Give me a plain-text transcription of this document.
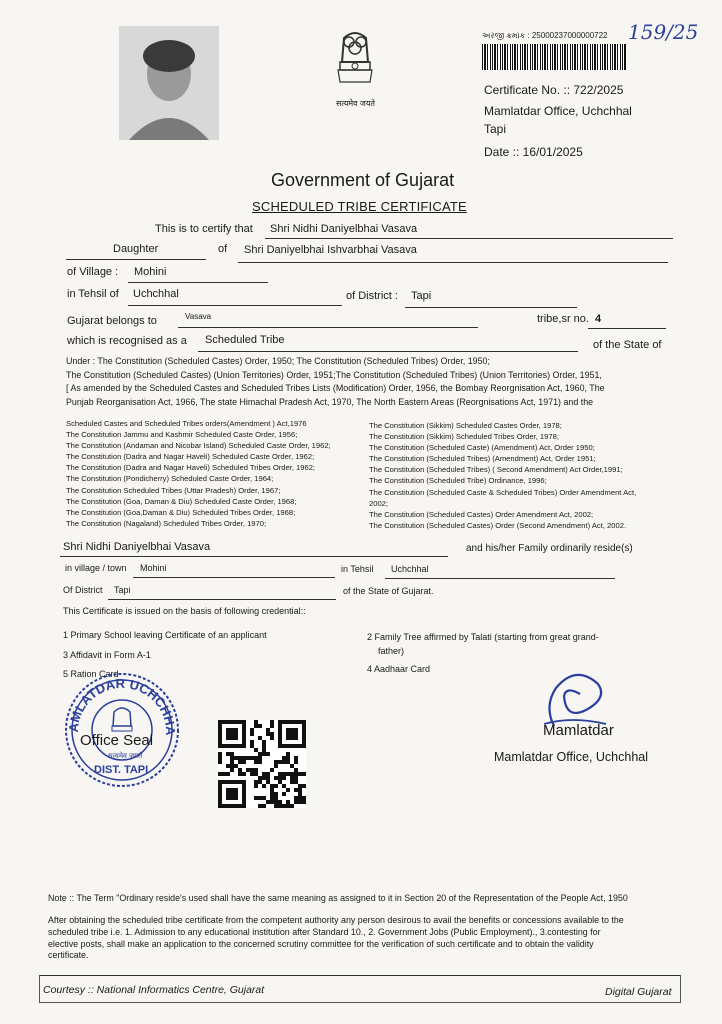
सत्यमेव जयते
અરજી ક્રમાંક : 25000237000000722 159/25
Certificate No. :: 722/2025
Mamlatdar Office, Uchchhal
Tapi
Date :: 16/01/2025
Government of Gujarat
SCHEDULED TRIBE CERTIFICATE
This is to certify that Shri Nidhi Daniyelbhai Vasava
Daughter	of Shri Daniyelbhai Ishvarbhai Vasava
of Village : Mohini
in Tehsil of Uchchhal	of District : Tapi
Gujarat belongs to	Vasava	tribe,sr no. 4
which is recognised as a Scheduled Tribe	of the State of
Under : The Constitution (Scheduled Castes) Order, 1950; The Constitution (Scheduled Tribes) Order, 1950;
The Constitution (Scheduled Castes) (Union Territories) Order, 1951;The Constitution (Scheduled Tribes) (Union Territories) Order, 1951,
[ As amended by the Scheduled Castes and Scheduled Tribes Lists (Modification) Order, 1956, the Bombay Reorgnisation Act, 1960, The
Punjab Reorganisation Act, 1966, The state Himachal Pradesh Act, 1970, The North Eastern Areas (Reorgnisations Act, 1971) and the
Scheduled Castes and Scheduled Tribes orders(Amendment ) Act,1976
The Constitution Jammu and Kashmir Scheduled Caste Order, 1956;
The Constitution (Andaman and Nicobar Island) Scheduled Caste Order, 1962;
The Constitution (Dadra and Nagar Haveli) Scheduled Caste Order, 1962;
The Constitution (Dadra and Nagar Haveli) Scheduled Tribes Order, 1962;
The Constitution (Pondicherry) Scheduled Caste Order, 1964;
The Constitution Scheduled Tribes (Uttar Pradesh) Order, 1967;
The Constitution (Goa, Daman & Diu) Scheduled Caste Order, 1968;
The Constitution (Goa,Daman & Diu) Scheduled Tribes Order, 1968;
The Constitution (Nagaland) Scheduled Tribes Order, 1970;
The Constitution (Sikkim) Scheduled Castes Order, 1978;
The Constitution (Sikkim) Scheduled Tribes Order, 1978;
The Constitution (Scheduled Caste) (Amendment) Act, Order 1950;
The Constitution (Scheduled Tribes) (Amendment) Act, Order 1951;
The Constitution (Scheduled Tribes) ( Second Amendment) Act Order,1991;
The Constitution (Scheduled Tribe) Ordinance, 1996;
The Constitution (Scheduled Caste & Scheduled Tribes) Order Amendment Act,
2002;
The Constitution (Scheduled Castes) Order Amendment Act, 2002;
The Constitution (Scheduled Castes) Order (Second Amendment) Act, 2002.
Shri Nidhi Daniyelbhai Vasava	and his/her Family ordinarily reside(s)
in village / town Mohini	in Tehsil Uchchhal
Of District Tapi	of the State of Gujarat.
This Certificate is issued on the basis of following credential::
1 Primary School leaving Certificate of an applicant
3 Affidavit in Form A-1
5 Ration Card
2 Family Tree affirmed by Talati (starting from great grand-
father)
4 Aadhaar Card
AMLATDAR UCHCHHA
Office Seal
सत्यमेव जयते
DIST. TAPI
Mamlatdar
Mamlatdar Office, Uchchhal
Note :: The Term "Ordinary reside's used shall have the same meaning as assigned to it in Section 20 of the Representation of the People Act, 1950
After obtaining the scheduled tribe certificate from the competent authority any person desirous to avail the benefits or concessions available to the
scheduled tribe i.e. 1. Admission to any educational institution after Standard 10., 2. Government Jobs (Public Employment)., 3.contesting for
elective posts, shall make an application to the concerned scrutiny committee for the verification of such certificate and to obtain the validity
certificate.
Courtesy :: National Informatics Centre, Gujarat	Digital Gujarat
